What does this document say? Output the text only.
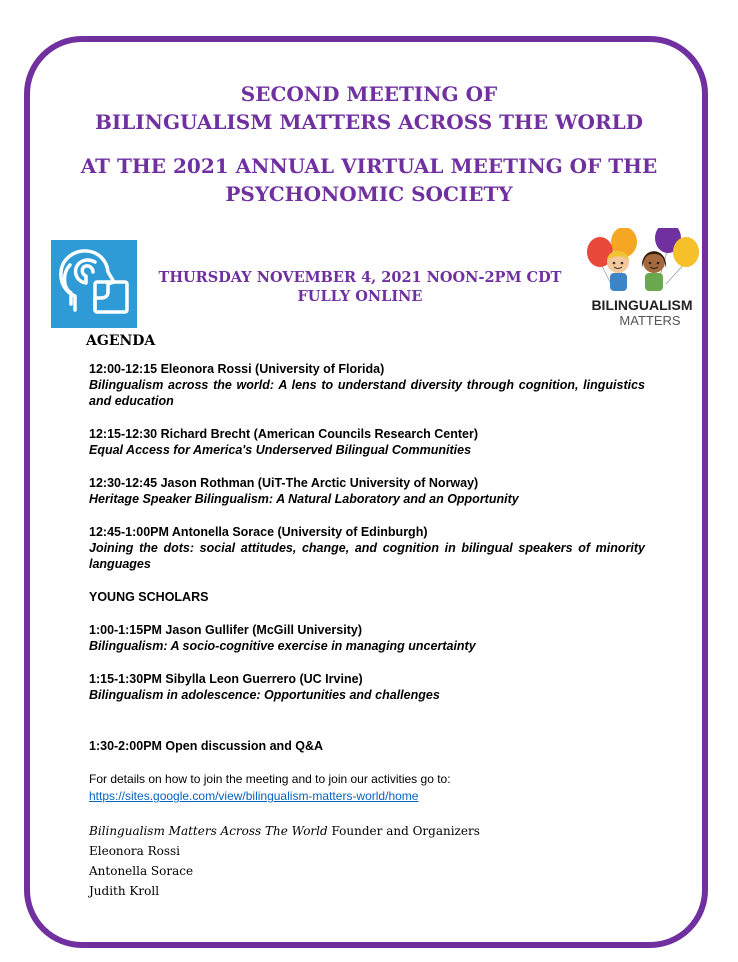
SECOND MEETING OF
BILINGUALISM MATTERS ACROSS THE WORLD
AT THE 2021 ANNUAL VIRTUAL MEETING OF THE
PSYCHONOMIC SOCIETY
THURSDAY NOVEMBER 4, 2021 NOON-2PM CDT
FULLY ONLINE	BILINGUALISM
MATTERS
AGENDA
12:00-12:15 Eleonora Rossi (University of Florida)
Bilingualism across the world: A lens to understand diversity through cognition, linguistics and education
12:15-12:30 Richard Brecht (American Councils Research Center)
Equal Access for America's Underserved Bilingual Communities
12:30-12:45 Jason Rothman (UiT-The Arctic University of Norway)
Heritage Speaker Bilingualism: A Natural Laboratory and an Opportunity
12:45-1:00PM Antonella Sorace (University of Edinburgh)
Joining the dots: social attitudes, change, and cognition in bilingual speakers of minority languages
YOUNG SCHOLARS
1:00-1:15PM Jason Gullifer (McGill University)
Bilingualism: A socio-cognitive exercise in managing uncertainty
1:15-1:30PM Sibylla Leon Guerrero (UC Irvine)
Bilingualism in adolescence: Opportunities and challenges
1:30-2:00PM Open discussion and Q&A
For details on how to join the meeting and to join our activities go to:
https://sites.google.com/view/bilingualism-matters-world/home
Bilingualism Matters Across The World Founder and Organizers
Eleonora Rossi
Antonella Sorace
Judith Kroll
